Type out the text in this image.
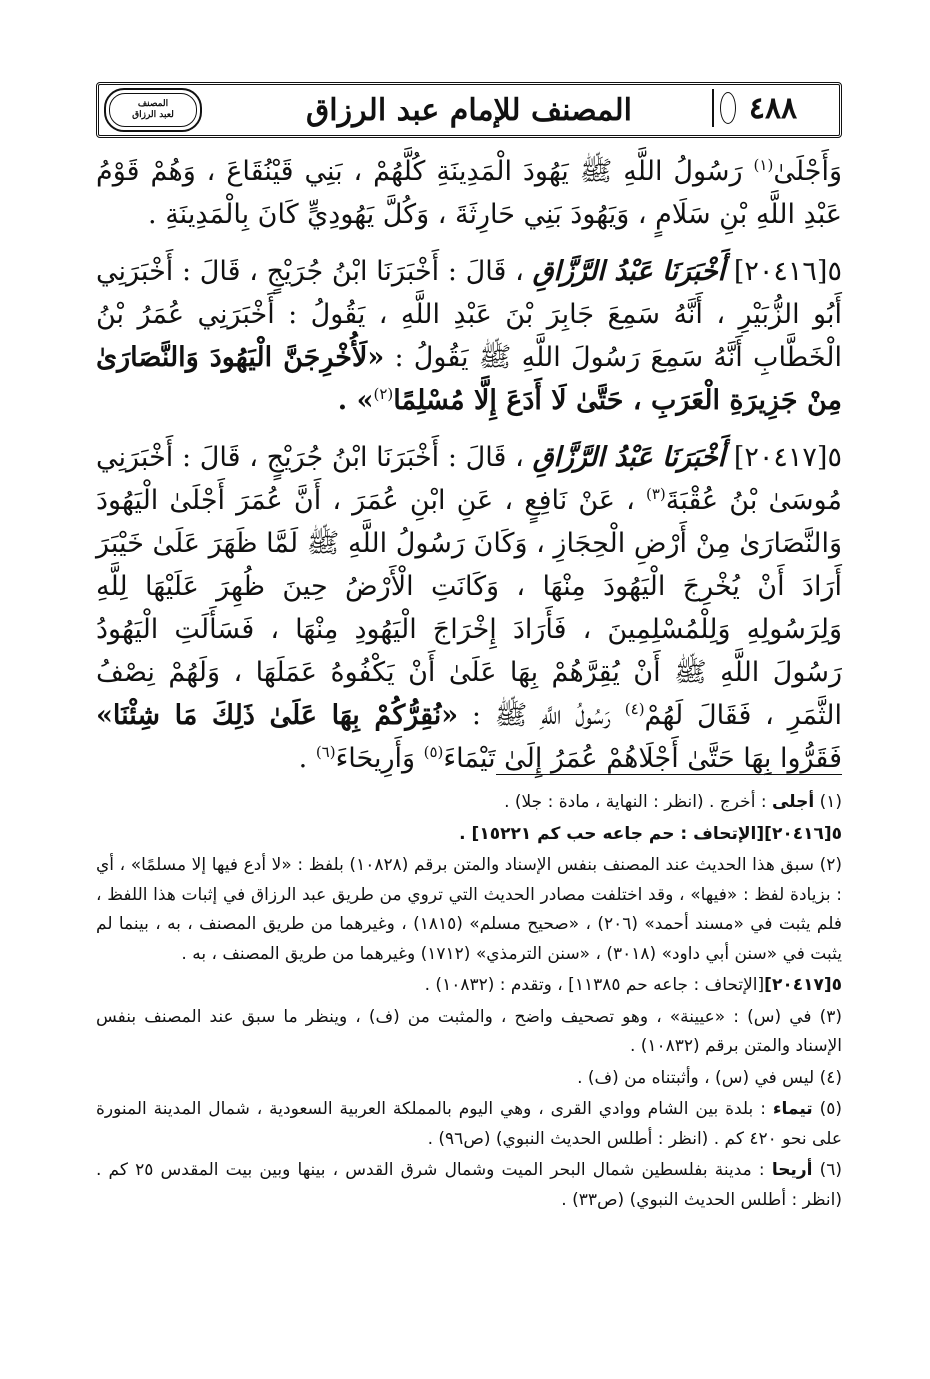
٤٨٨
المصنف للإمام عبد الرزاق
المصنف
لعبد الرزاق

وَأَجْلَىٰ$^{(١)}$ رَسُولُ اللَّهِ ﷺ يَهُودَ الْمَدِينَةِ كُلَّهُمْ ، بَنِي قَيْنُقَاعَ ، وَهُمْ قَوْمُ عَبْدِ اللَّهِ بْنِ سَلَامٍ ، وَيَهُودَ بَنِي حَارِثَةَ ، وَكُلَّ يَهُودِيٍّ كَانَ بِالْمَدِينَةِ .

٥[٢٠٤١٦] أَخْبَرَنَا عَبْدُ الرَّزَّاقِ ، قَالَ : أَخْبَرَنَا ابْنُ جُرَيْجٍ ، قَالَ : أَخْبَرَنِي أَبُو الزُّبَيْرِ ، أَنَّهُ سَمِعَ جَابِرَ بْنَ عَبْدِ اللَّهِ ، يَقُولُ : أَخْبَرَنِي عُمَرُ بْنُ الْخَطَّابِ أَنَّهُ سَمِعَ رَسُولَ اللَّهِ ﷺ يَقُولُ : «لَأُخْرِجَنَّ الْيَهُودَ وَالنَّصَارَىٰ مِنْ جَزِيرَةِ الْعَرَبِ ، حَتَّىٰ لَا أَدَعَ إِلَّا مُسْلِمًا$^{(٢)}$» .

٥[٢٠٤١٧] أَخْبَرَنَا عَبْدُ الرَّزَّاقِ ، قَالَ : أَخْبَرَنَا ابْنُ جُرَيْجٍ ، قَالَ : أَخْبَرَنِي مُوسَىٰ بْنُ عُقْبَةَ$^{(٣)}$ ، عَنْ نَافِعٍ ، عَنِ ابْنِ عُمَرَ ، أَنَّ عُمَرَ أَجْلَىٰ الْيَهُودَ وَالنَّصَارَىٰ مِنْ أَرْضِ الْحِجَازِ ، وَكَانَ رَسُولُ اللَّهِ ﷺ لَمَّا ظَهَرَ عَلَىٰ خَيْبَرَ أَرَادَ أَنْ يُخْرِجَ الْيَهُودَ مِنْهَا ، وَكَانَتِ الْأَرْضُ حِينَ ظُهِرَ عَلَيْهَا لِلَّهِ وَلِرَسُولِهِ وَلِلْمُسْلِمِينَ ، فَأَرَادَ إِخْرَاجَ الْيَهُودِ مِنْهَا ، فَسَأَلَتِ الْيَهُودُ رَسُولَ اللَّهِ ﷺ أَنْ يُقِرَّهُمْ بِهَا عَلَىٰ أَنْ يَكْفُوهُ عَمَلَهَا ، وَلَهُمْ نِصْفُ الثَّمَرِ ، فَقَالَ لَهُمْ$^{(٤)}$ رَسُولُ اللَّهِ ﷺ : «نُقِرُّكُمْ بِهَا عَلَىٰ ذَلِكَ مَا شِئْنَا» فَقَرُّوا بِهَا حَتَّىٰ أَجْلَاهُمْ عُمَرُ إِلَىٰ تَيْمَاءَ$^{(٥)}$ وَأَرِيحَاءَ$^{(٦)}$ .

(١) أجلى : أخرج . (انظر : النهاية ، مادة : جلا) .

٥[٢٠٤١٦][الإتحاف : حم جاعه حب كم ١٥٢٢١] .

(٢) سبق هذا الحديث عند المصنف بنفس الإسناد والمتن برقم (١٠٨٢٨) بلفظ : «لا أدع فيها إلا مسلمًا» ، أي : بزيادة لفظ : «فيها» ، وقد اختلفت مصادر الحديث التي تروي من طريق عبد الرزاق في إثبات هذا اللفظ ، فلم يثبت في «مسند أحمد» (٢٠٦) ، «صحيح مسلم» (١٨١٥) ، وغيرهما من طريق المصنف ، به ، بينما لم يثبت في «سنن أبي داود» (٣٠١٨) ، «سنن الترمذي» (١٧١٢) وغيرهما من طريق المصنف ، به .

٥[٢٠٤١٧][الإتحاف : جاعه حم ١١٣٨٥] ، وتقدم : (١٠٨٣٢) .

(٣) في (س) : «عيينة» ، وهو تصحيف واضح ، والمثبت من (ف) ، وينظر ما سبق عند المصنف بنفس الإسناد والمتن برقم (١٠٨٣٢) .

(٤) ليس في (س) ، وأثبتناه من (ف) .

(٥) تيماء : بلدة بين الشام ووادي القرى ، وهي اليوم بالمملكة العربية السعودية ، شمال المدينة المنورة على نحو ٤٢٠ كم . (انظر : أطلس الحديث النبوي) (ص٩٦) .

(٦) أريحا : مدينة بفلسطين شمال البحر الميت وشمال شرق القدس ، بينها وبين بيت المقدس ٢٥ كم . (انظر : أطلس الحديث النبوي) (ص٣٣) .
